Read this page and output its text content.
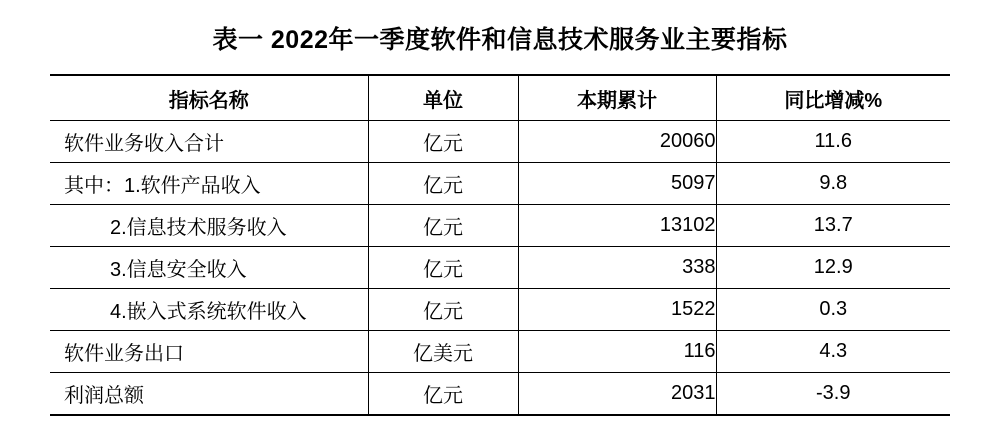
表一 2022年一季度软件和信息技术服务业主要指标
指标名称	单位	本期累计	同比增减%
软件业务收入合计	亿元	20060	11.6
其中：1.软件产品收入	亿元	5097	9.8
2.信息技术服务收入	亿元	13102	13.7
3.信息安全收入	亿元	338	12.9
4.嵌入式系统软件收入	亿元	1522	0.3
软件业务出口	亿美元	116	4.3
利润总额	亿元	2031	-3.9
